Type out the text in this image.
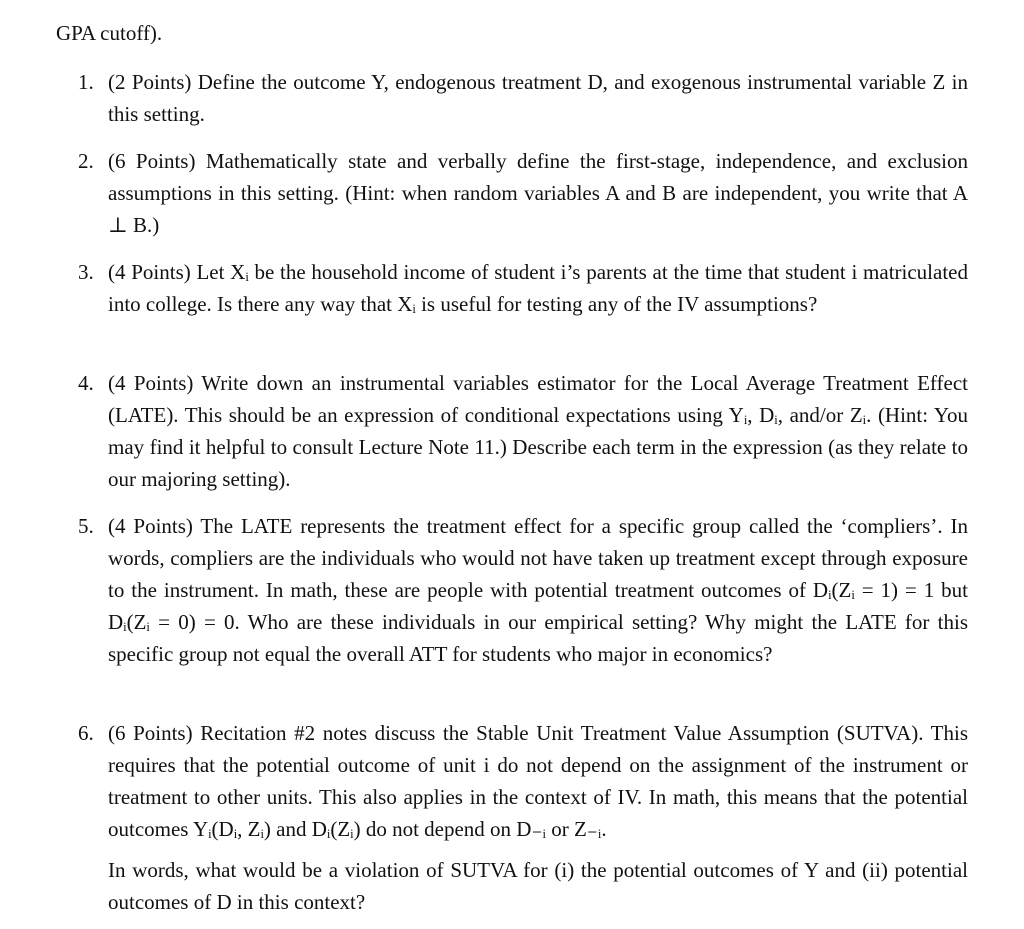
GPA cutoff).
1. (2 Points) Define the outcome Y, endogenous treatment D, and exogenous instrumental variable Z in this setting.

2. (6 Points) Mathematically state and verbally define the first-stage, independence, and exclusion assumptions in this setting. (Hint: when random variables A and B are independent, you write that A ⊥ B.)

3. (4 Points) Let Xᵢ be the household income of student i’s parents at the time that student i matriculated into college. Is there any way that Xᵢ is useful for testing any of the IV assumptions?

4. (4 Points) Write down an instrumental variables estimator for the Local Average Treatment Effect (LATE). This should be an expression of conditional expectations using Yᵢ, Dᵢ, and/or Zᵢ. (Hint: You may find it helpful to consult Lecture Note 11.) Describe each term in the expression (as they relate to our majoring setting).

5. (4 Points) The LATE represents the treatment effect for a specific group called the ‘compliers’. In words, compliers are the individuals who would not have taken up treatment except through exposure to the instrument. In math, these are people with potential treatment outcomes of Dᵢ(Zᵢ = 1) = 1 but Dᵢ(Zᵢ = 0) = 0. Who are these individuals in our empirical setting? Why might the LATE for this specific group not equal the overall ATT for students who major in economics?

6. (6 Points) Recitation #2 notes discuss the Stable Unit Treatment Value Assumption (SUTVA). This requires that the potential outcome of unit i do not depend on the assignment of the instrument or treatment to other units. This also applies in the context of IV. In math, this means that the potential outcomes Yᵢ(Dᵢ, Zᵢ) and Dᵢ(Zᵢ) do not depend on D₋ᵢ or Z₋ᵢ.

In words, what would be a violation of SUTVA for (i) the potential outcomes of Y and (ii) potential outcomes of D in this context?
